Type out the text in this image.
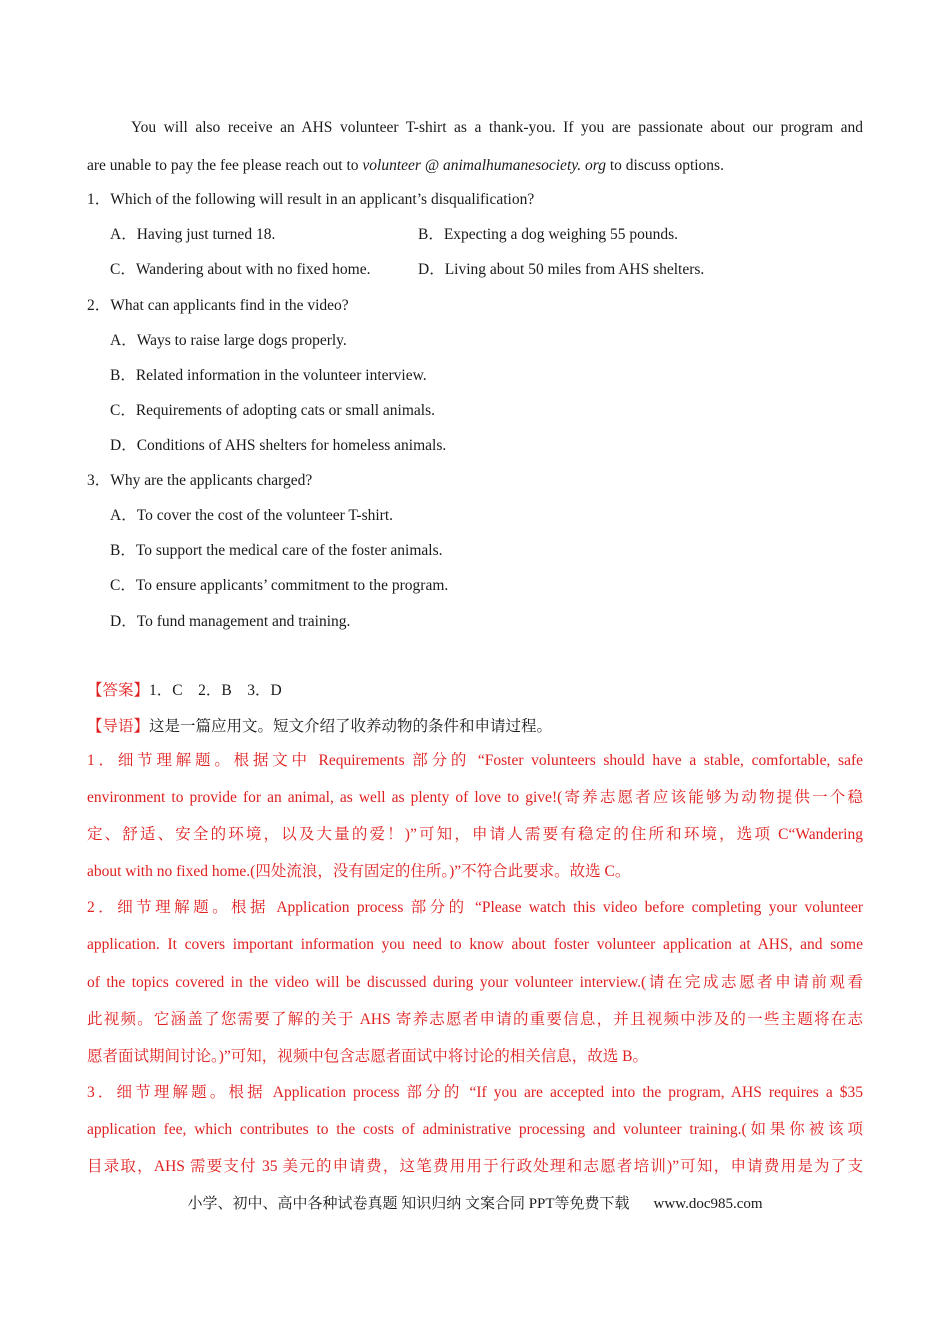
You will also receive an AHS volunteer T-shirt as a thank-you. If you are passionate about our program and
are unable to pay the fee please reach out to volunteer @ animalhumanesociety. org to discuss options.
1．Which of the following will result in an applicant’s disqualification?
A．Having just turned 18.	B．Expecting a dog weighing 55 pounds.
C．Wandering about with no fixed home.	D．Living about 50 miles from AHS shelters.
2．What can applicants find in the video?
A．Ways to raise large dogs properly.
B．Related information in the volunteer interview.
C．Requirements of adopting cats or small animals.
D．Conditions of AHS shelters for homeless animals.
3．Why are the applicants charged?
A．To cover the cost of the volunteer T-shirt.
B．To support the medical care of the foster animals.
C．To ensure applicants’ commitment to the program.
D．To fund management and training.
【答案】1．C　2．B　3．D
【导语】这是一篇应用文。短文介绍了收养动物的条件和申请过程。
1．细节理解题。根据文中 Requirements 部分的 “Foster volunteers should have a stable, comfortable, safe
environment to provide for an animal, as well as plenty of love to give!(寄养志愿者应该能够为动物提供一个稳
定、舒适、安全的环境，以及大量的爱！)”可知，申请人需要有稳定的住所和环境，选项 C“Wandering
about with no fixed home.(四处流浪，没有固定的住所。)”不符合此要求。故选 C。
2．细节理解题。根据 Application process 部分的 “Please watch this video before completing your volunteer
application. It covers important information you need to know about foster volunteer application at AHS, and some
of the topics covered in the video will be discussed during your volunteer interview.(请在完成志愿者申请前观看
此视频。它涵盖了您需要了解的关于 AHS 寄养志愿者申请的重要信息，并且视频中涉及的一些主题将在志
愿者面试期间讨论。)”可知，视频中包含志愿者面试中将讨论的相关信息，故选 B。
3．细节理解题。根据 Application process 部分的 “If you are accepted into the program, AHS requires a $35
application fee, which contributes to the costs of administrative processing and volunteer training.(如果你被该项
目录取，AHS 需要支付 35 美元的申请费，这笔费用用于行政处理和志愿者培训)”可知，申请费用是为了支
小学、初中、高中各种试卷真题 知识归纳 文案合同 PPT等免费下载 www.doc985.com
